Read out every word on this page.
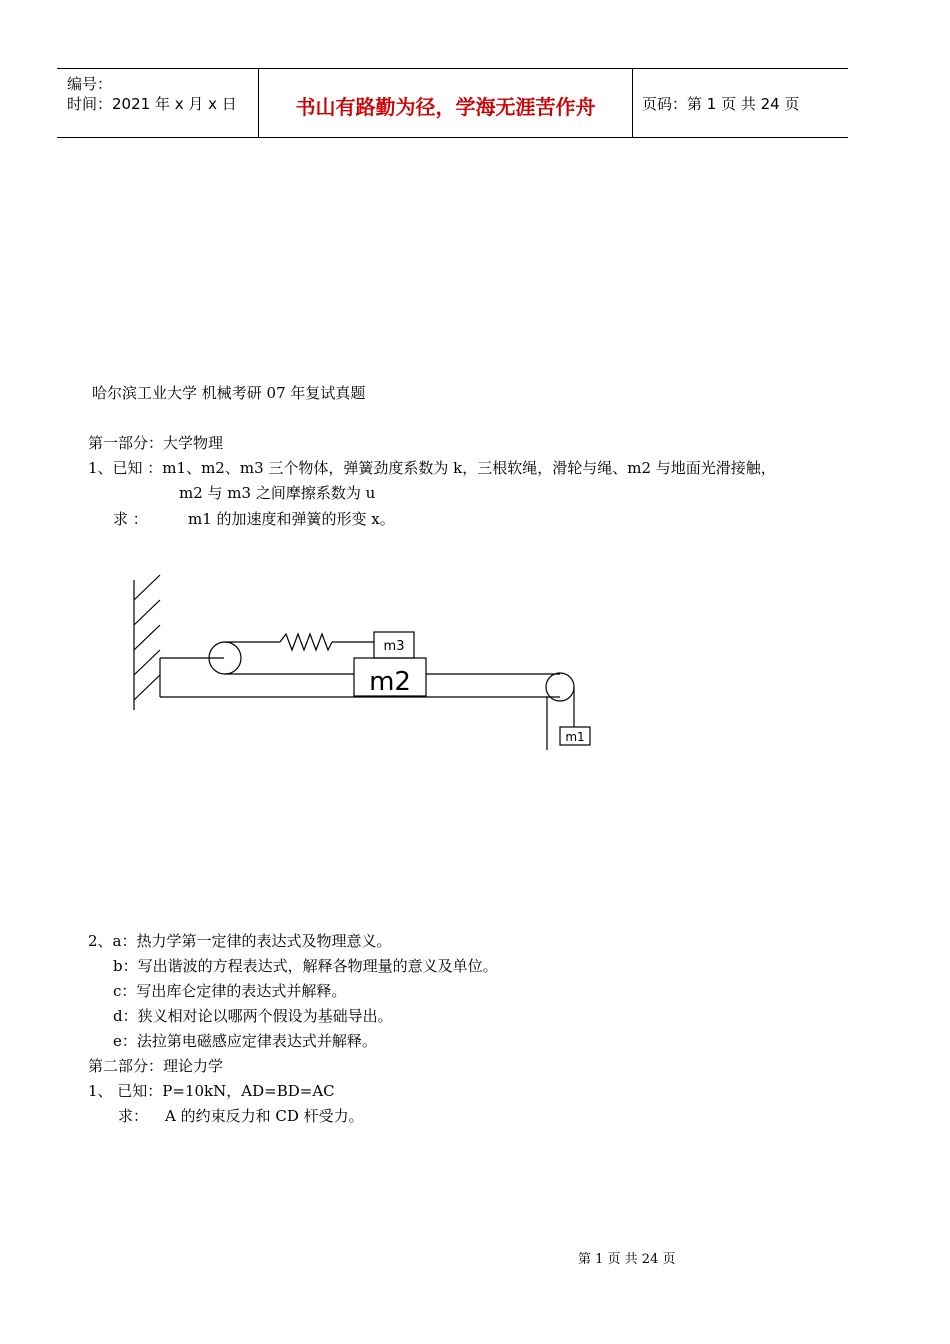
编号：
时间：2021 年 x 月 x 日	书山有路勤为径，学海无涯苦作舟	页码：第 1 页 共 24 页
哈尔滨工业大学 机械考研 07 年复试真题
第一部分：大学物理
1、已知 ：m1、m2、m3 三个物体，弹簧劲度系数为 k，三根软绳，滑轮与绳、m2 与地面光滑接触，
m2 与 m3 之间摩擦系数为 u
求 ：	m1 的加速度和弹簧的形变 x。
m3
m2
m1
2、a：热力学第一定律的表达式及物理意义。
b：写出谐波的方程表达式，解释各物理量的意义及单位。
c：写出库仑定律的表达式并解释。
d：狭义相对论以哪两个假设为基础导出。
e：法拉第电磁感应定律表达式并解释。
第二部分：理论力学
1、 已知：P=10kN，AD=BD=AC
求： A 的约束反力和 CD 杆受力。
第 1 页 共 24 页
